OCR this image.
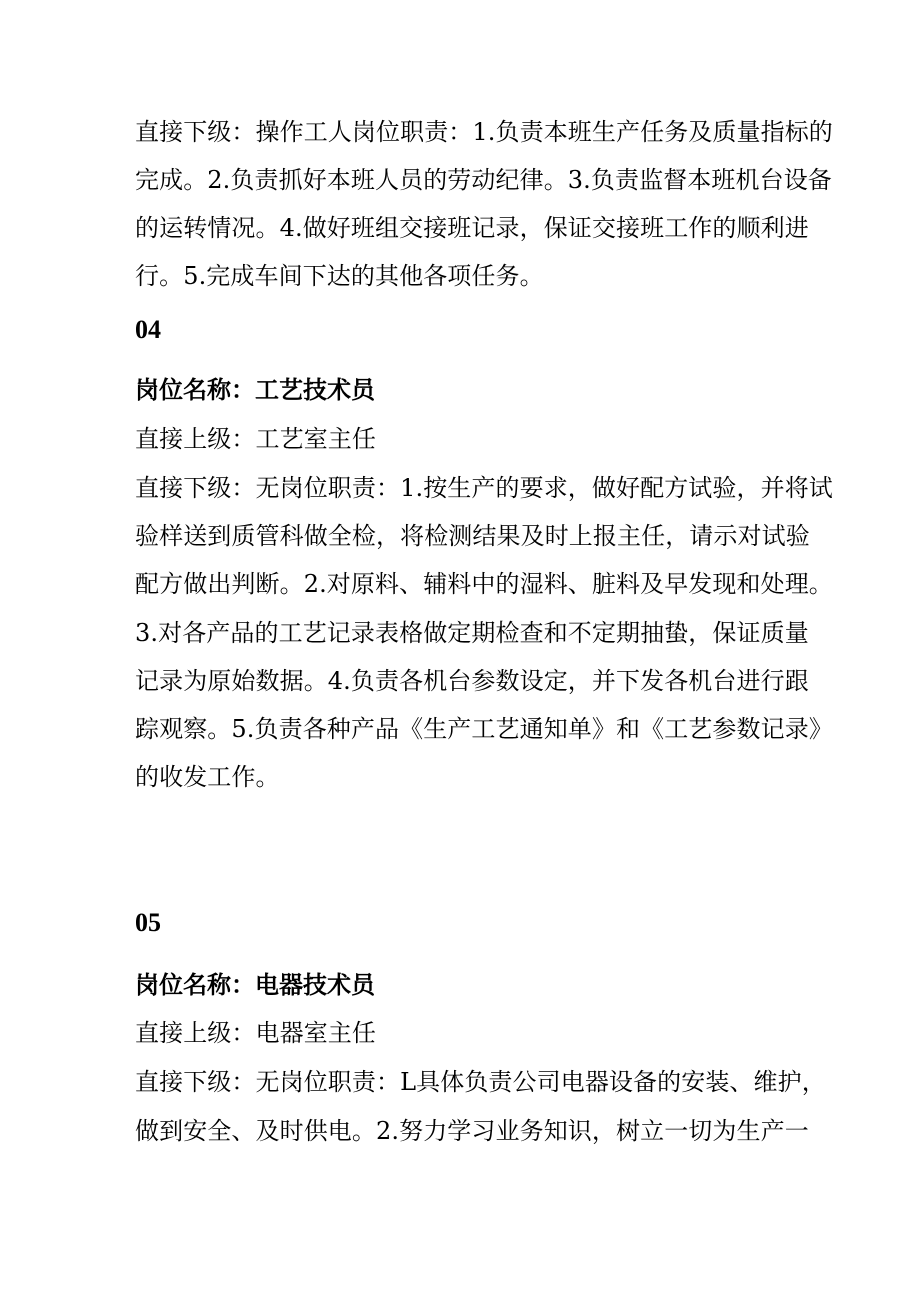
直接下级：操作工人岗位职责：1.负责本班生产任务及质量指标的
完成。2.负责抓好本班人员的劳动纪律。3.负责监督本班机台设备
的运转情况。4.做好班组交接班记录，保证交接班工作的顺利进
行。5.完成车间下达的其他各项任务。
04
岗位名称：工艺技术员
直接上级：工艺室主任
直接下级：无岗位职责：1.按生产的要求，做好配方试验，并将试
验样送到质管科做全检，将检测结果及时上报主任，请示对试验
配方做出判断。2.对原料、辅料中的湿料、脏料及早发现和处理。
3.对各产品的工艺记录表格做定期检查和不定期抽蛰，保证质量
记录为原始数据。4.负责各机台参数设定，并下发各机台进行跟
踪观察。5.负责各种产品《生产工艺通知单》和《工艺参数记录》
的收发工作。
05
岗位名称：电器技术员
直接上级：电器室主任
直接下级：无岗位职责：L具体负责公司电器设备的安装、维护，
做到安全、及时供电。2.努力学习业务知识，树立一切为生产一
